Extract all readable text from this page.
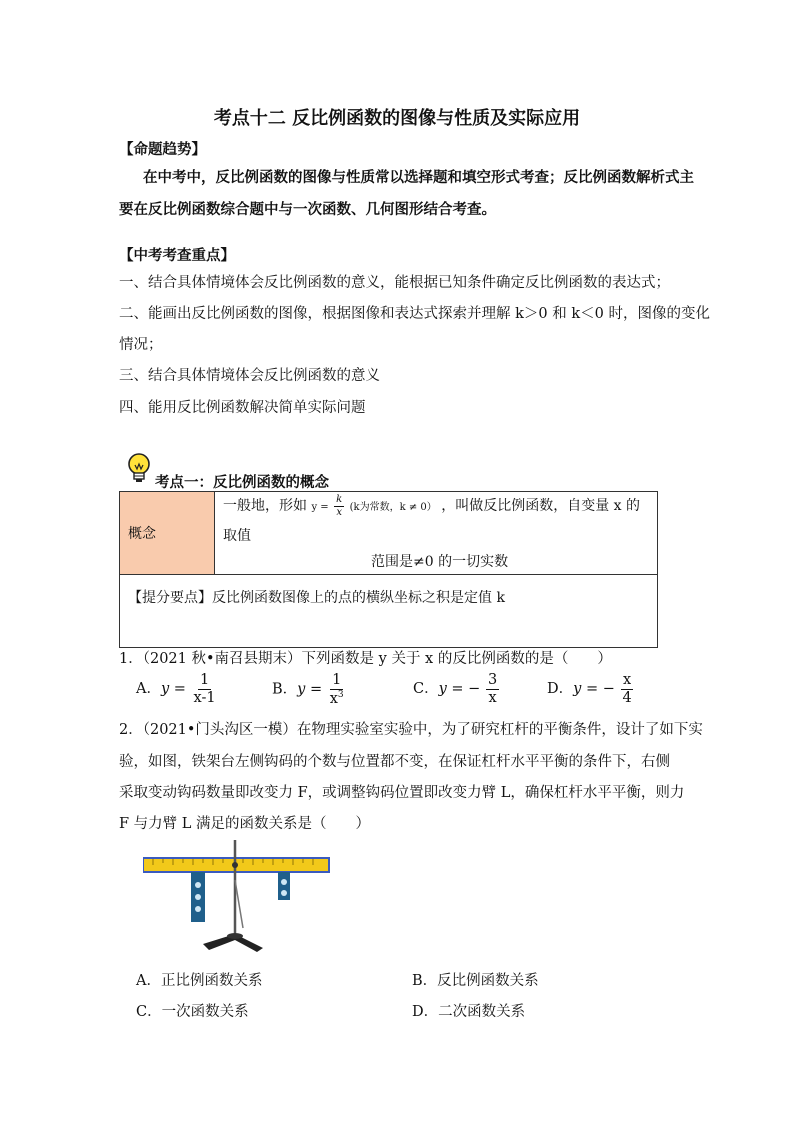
考点十二 反比例函数的图像与性质及实际应用
【命题趋势】
在中考中，反比例函数的图像与性质常以选择题和填空形式考查；反比例函数解析式主
要在反比例函数综合题中与一次函数、几何图形结合考查。
【中考考查重点】
一、结合具体情境体会反比例函数的意义，能根据已知条件确定反比例函数的表达式；
二、能画出反比例函数的图像，根据图像和表达式探索并理解 k＞0 和 k＜0 时，图像的变化
情况；
三、结合具体情境体会反比例函数的意义
四、能用反比例函数解决简单实际问题
考点一：反比例函数的概念
概念	
一般地，形如 $y = \frac{k}{x} (k$为常数，k ≠ 0） ，叫做反比例函数，自变量 x 的取值
范围是≠0 的一切实数

【提分要点】反比例函数图像上的点的横纵坐标之积是定值 k
1．（2021 秋•南召县期末）下列函数是 y 关于 x 的反比例函数的是（　　）
A．$y = \frac{1}{x-1}$	B．$y = \frac{1}{x^3}$	C．y = − $\frac{3}{x}$	D．y = − $\frac{x}{4}$
2．（2021•门头沟区一模）在物理实验室实验中，为了研究杠杆的平衡条件，设计了如下实
验，如图，铁架台左侧钩码的个数与位置都不变，在保证杠杆水平平衡的条件下，右侧
采取变动钩码数量即改变力 F，或调整钩码位置即改变力臂 L，确保杠杆水平平衡，则力
F 与力臂 L 满足的函数关系是（　　）
A．正比例函数关系	B．反比例函数关系
C．一次函数关系	D．二次函数关系
